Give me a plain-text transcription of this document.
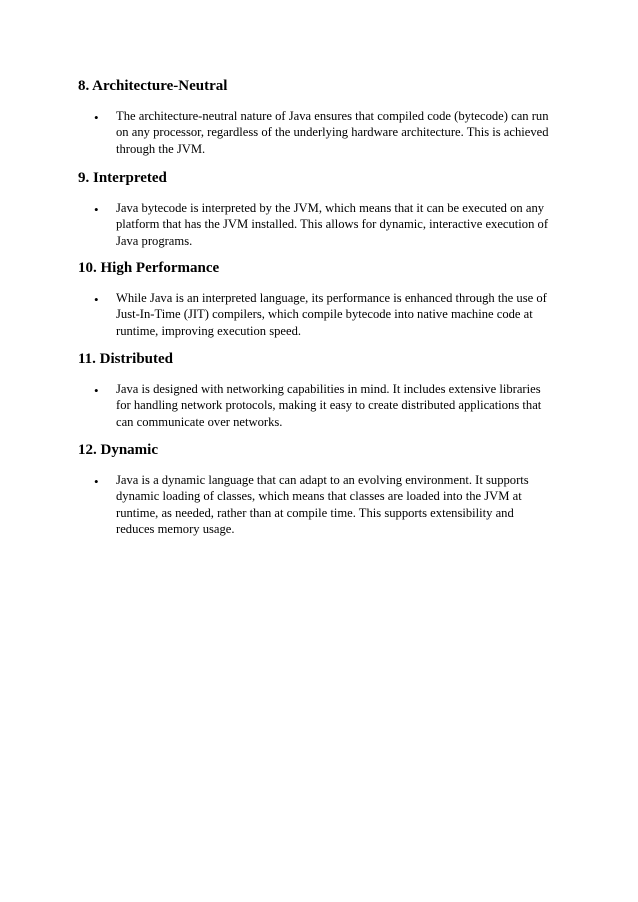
8. Architecture-Neutral
• The architecture-neutral nature of Java ensures that compiled code (bytecode) can run
on any processor, regardless of the underlying hardware architecture. This is achieved
through the JVM.
9. Interpreted
• Java bytecode is interpreted by the JVM, which means that it can be executed on any
platform that has the JVM installed. This allows for dynamic, interactive execution of
Java programs.
10. High Performance
• While Java is an interpreted language, its performance is enhanced through the use of
Just-In-Time (JIT) compilers, which compile bytecode into native machine code at
runtime, improving execution speed.
11. Distributed
• Java is designed with networking capabilities in mind. It includes extensive libraries
for handling network protocols, making it easy to create distributed applications that
can communicate over networks.
12. Dynamic
• Java is a dynamic language that can adapt to an evolving environment. It supports
dynamic loading of classes, which means that classes are loaded into the JVM at
runtime, as needed, rather than at compile time. This supports extensibility and
reduces memory usage.
